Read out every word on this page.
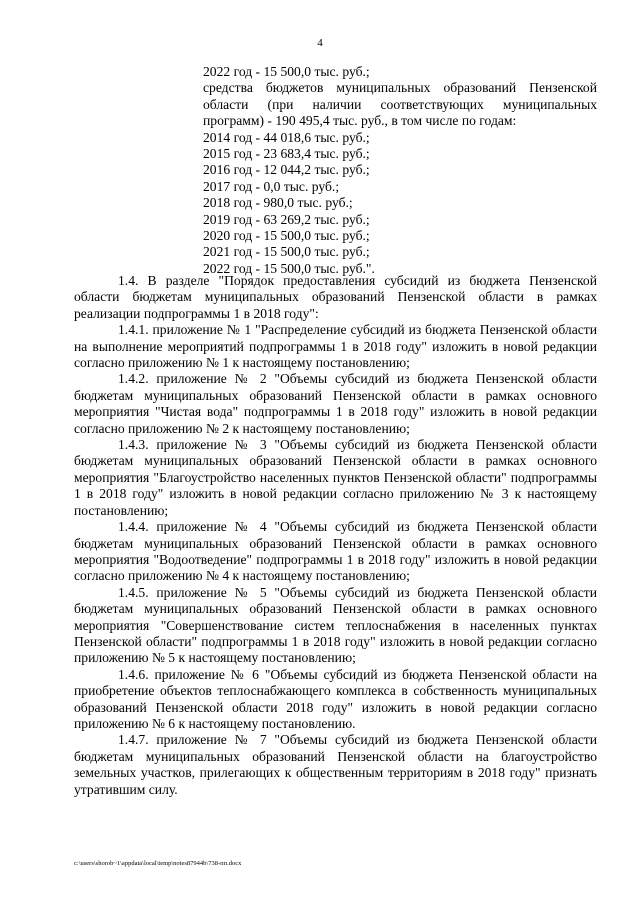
4

2022 год - 15 500,0 тыс. руб.;

средства бюджетов муниципальных образований Пензенской области (при наличии соответствующих муниципальных программ) - 190 495,4 тыс. руб., в том числе по годам:

2014 год - 44 018,6 тыс. руб.;

2015 год - 23 683,4 тыс. руб.;

2016 год - 12 044,2 тыс. руб.;

2017 год - 0,0 тыс. руб.;

2018 год - 980,0 тыс. руб.;

2019 год - 63 269,2 тыс. руб.;

2020 год - 15 500,0 тыс. руб.;

2021 год - 15 500,0 тыс. руб.;

2022 год - 15 500,0 тыс. руб.".

1.4. В разделе "Порядок предоставления субсидий из бюджета Пензенской области бюджетам муниципальных образований Пензенской области в рамках реализации подпрограммы 1 в 2018 году":

1.4.1. приложение № 1 "Распределение субсидий из бюджета Пензенской области на выполнение мероприятий подпрограммы 1 в 2018 году" изложить в новой редакции согласно приложению № 1 к настоящему постановлению;

1.4.2. приложение № 2 "Объемы субсидий из бюджета Пензенской области бюджетам муниципальных образований Пензенской области в рамках основного мероприятия "Чистая вода" подпрограммы 1 в 2018 году" изложить в новой редакции согласно приложению № 2 к настоящему постановлению;

1.4.3. приложение № 3 "Объемы субсидий из бюджета Пензенской области бюджетам муниципальных образований Пензенской области в рамках основного мероприятия "Благоустройство населенных пунктов Пензенской области" подпрограммы 1 в 2018 году" изложить в новой редакции согласно приложению № 3 к настоящему постановлению;

1.4.4. приложение № 4 "Объемы субсидий из бюджета Пензенской области бюджетам муниципальных образований Пензенской области в рамках основного мероприятия "Водоотведение" подпрограммы 1 в 2018 году" изложить в новой редакции согласно приложению № 4 к настоящему постановлению;

1.4.5. приложение № 5 "Объемы субсидий из бюджета Пензенской области бюджетам муниципальных образований Пензенской области в рамках основного мероприятия "Совершенствование систем теплоснабжения в населенных пунктах Пензенской области" подпрограммы 1 в 2018 году" изложить в новой редакции согласно приложению № 5 к настоящему постановлению;

1.4.6. приложение № 6 "Объемы субсидий из бюджета Пензенской области на приобретение объектов теплоснабжающего комплекса в собственность муниципальных образований Пензенской области 2018 году" изложить в новой редакции согласно приложению № 6 к настоящему постановлению.

1.4.7. приложение № 7 "Объемы субсидий из бюджета Пензенской области бюджетам муниципальных образований Пензенской области на благоустройство земельных участков, прилегающих к общественным территориям в 2018 году" признать утратившим силу.

c:\users\shorob~1\appdata\local\temp\notes87944b\738-пп.docx
